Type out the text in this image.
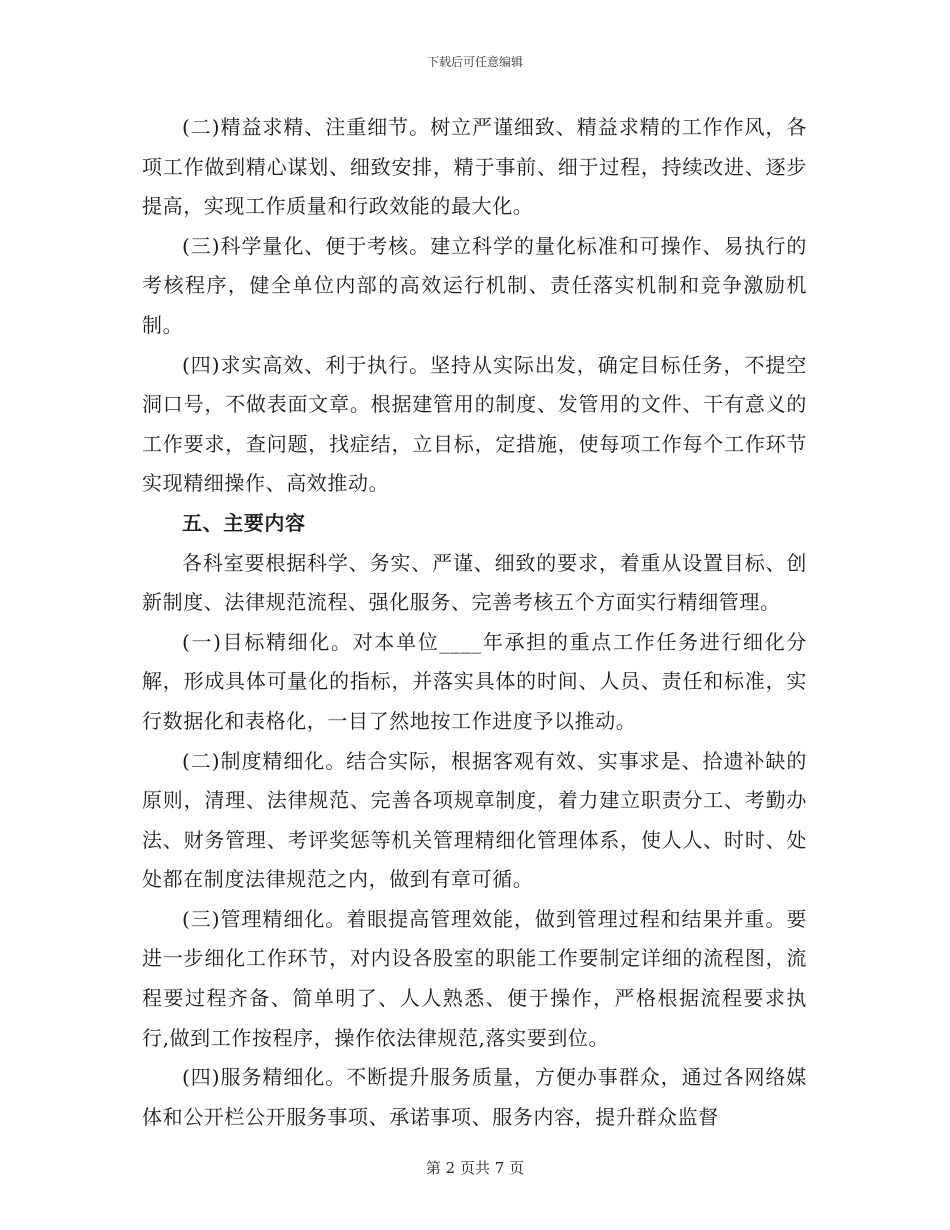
下载后可任意编辑

(二)精益求精、注重细节。树立严谨细致、精益求精的工作作风，各项工作做到精心谋划、细致安排，精于事前、细于过程，持续改进、逐步提高，实现工作质量和行政效能的最大化。

(三)科学量化、便于考核。建立科学的量化标准和可操作、易执行的考核程序，健全单位内部的高效运行机制、责任落实机制和竞争激励机制。

(四)求实高效、利于执行。坚持从实际出发，确定目标任务，不提空洞口号，不做表面文章。根据建管用的制度、发管用的文件、干有意义的工作要求，查问题，找症结，立目标，定措施，使每项工作每个工作环节实现精细操作、高效推动。

五、主要内容

各科室要根据科学、务实、严谨、细致的要求，着重从设置目标、创新制度、法律规范流程、强化服务、完善考核五个方面实行精细管理。

(一)目标精细化。对本单位____年承担的重点工作任务进行细化分解，形成具体可量化的指标，并落实具体的时间、人员、责任和标准，实行数据化和表格化，一目了然地按工作进度予以推动。

(二)制度精细化。结合实际，根据客观有效、实事求是、拾遗补缺的原则，清理、法律规范、完善各项规章制度，着力建立职责分工、考勤办法、财务管理、考评奖惩等机关管理精细化管理体系，使人人、时时、处处都在制度法律规范之内，做到有章可循。

(三)管理精细化。着眼提高管理效能，做到管理过程和结果并重。要进一步细化工作环节，对内设各股室的职能工作要制定详细的流程图，流程要过程齐备、简单明了、人人熟悉、便于操作，严格根据流程要求执行,做到工作按程序，操作依法律规范,落实要到位。

(四)服务精细化。不断提升服务质量，方便办事群众，通过各网络媒体和公开栏公开服务事项、承诺事项、服务内容，提升群众监督

第 2 页共 7 页
